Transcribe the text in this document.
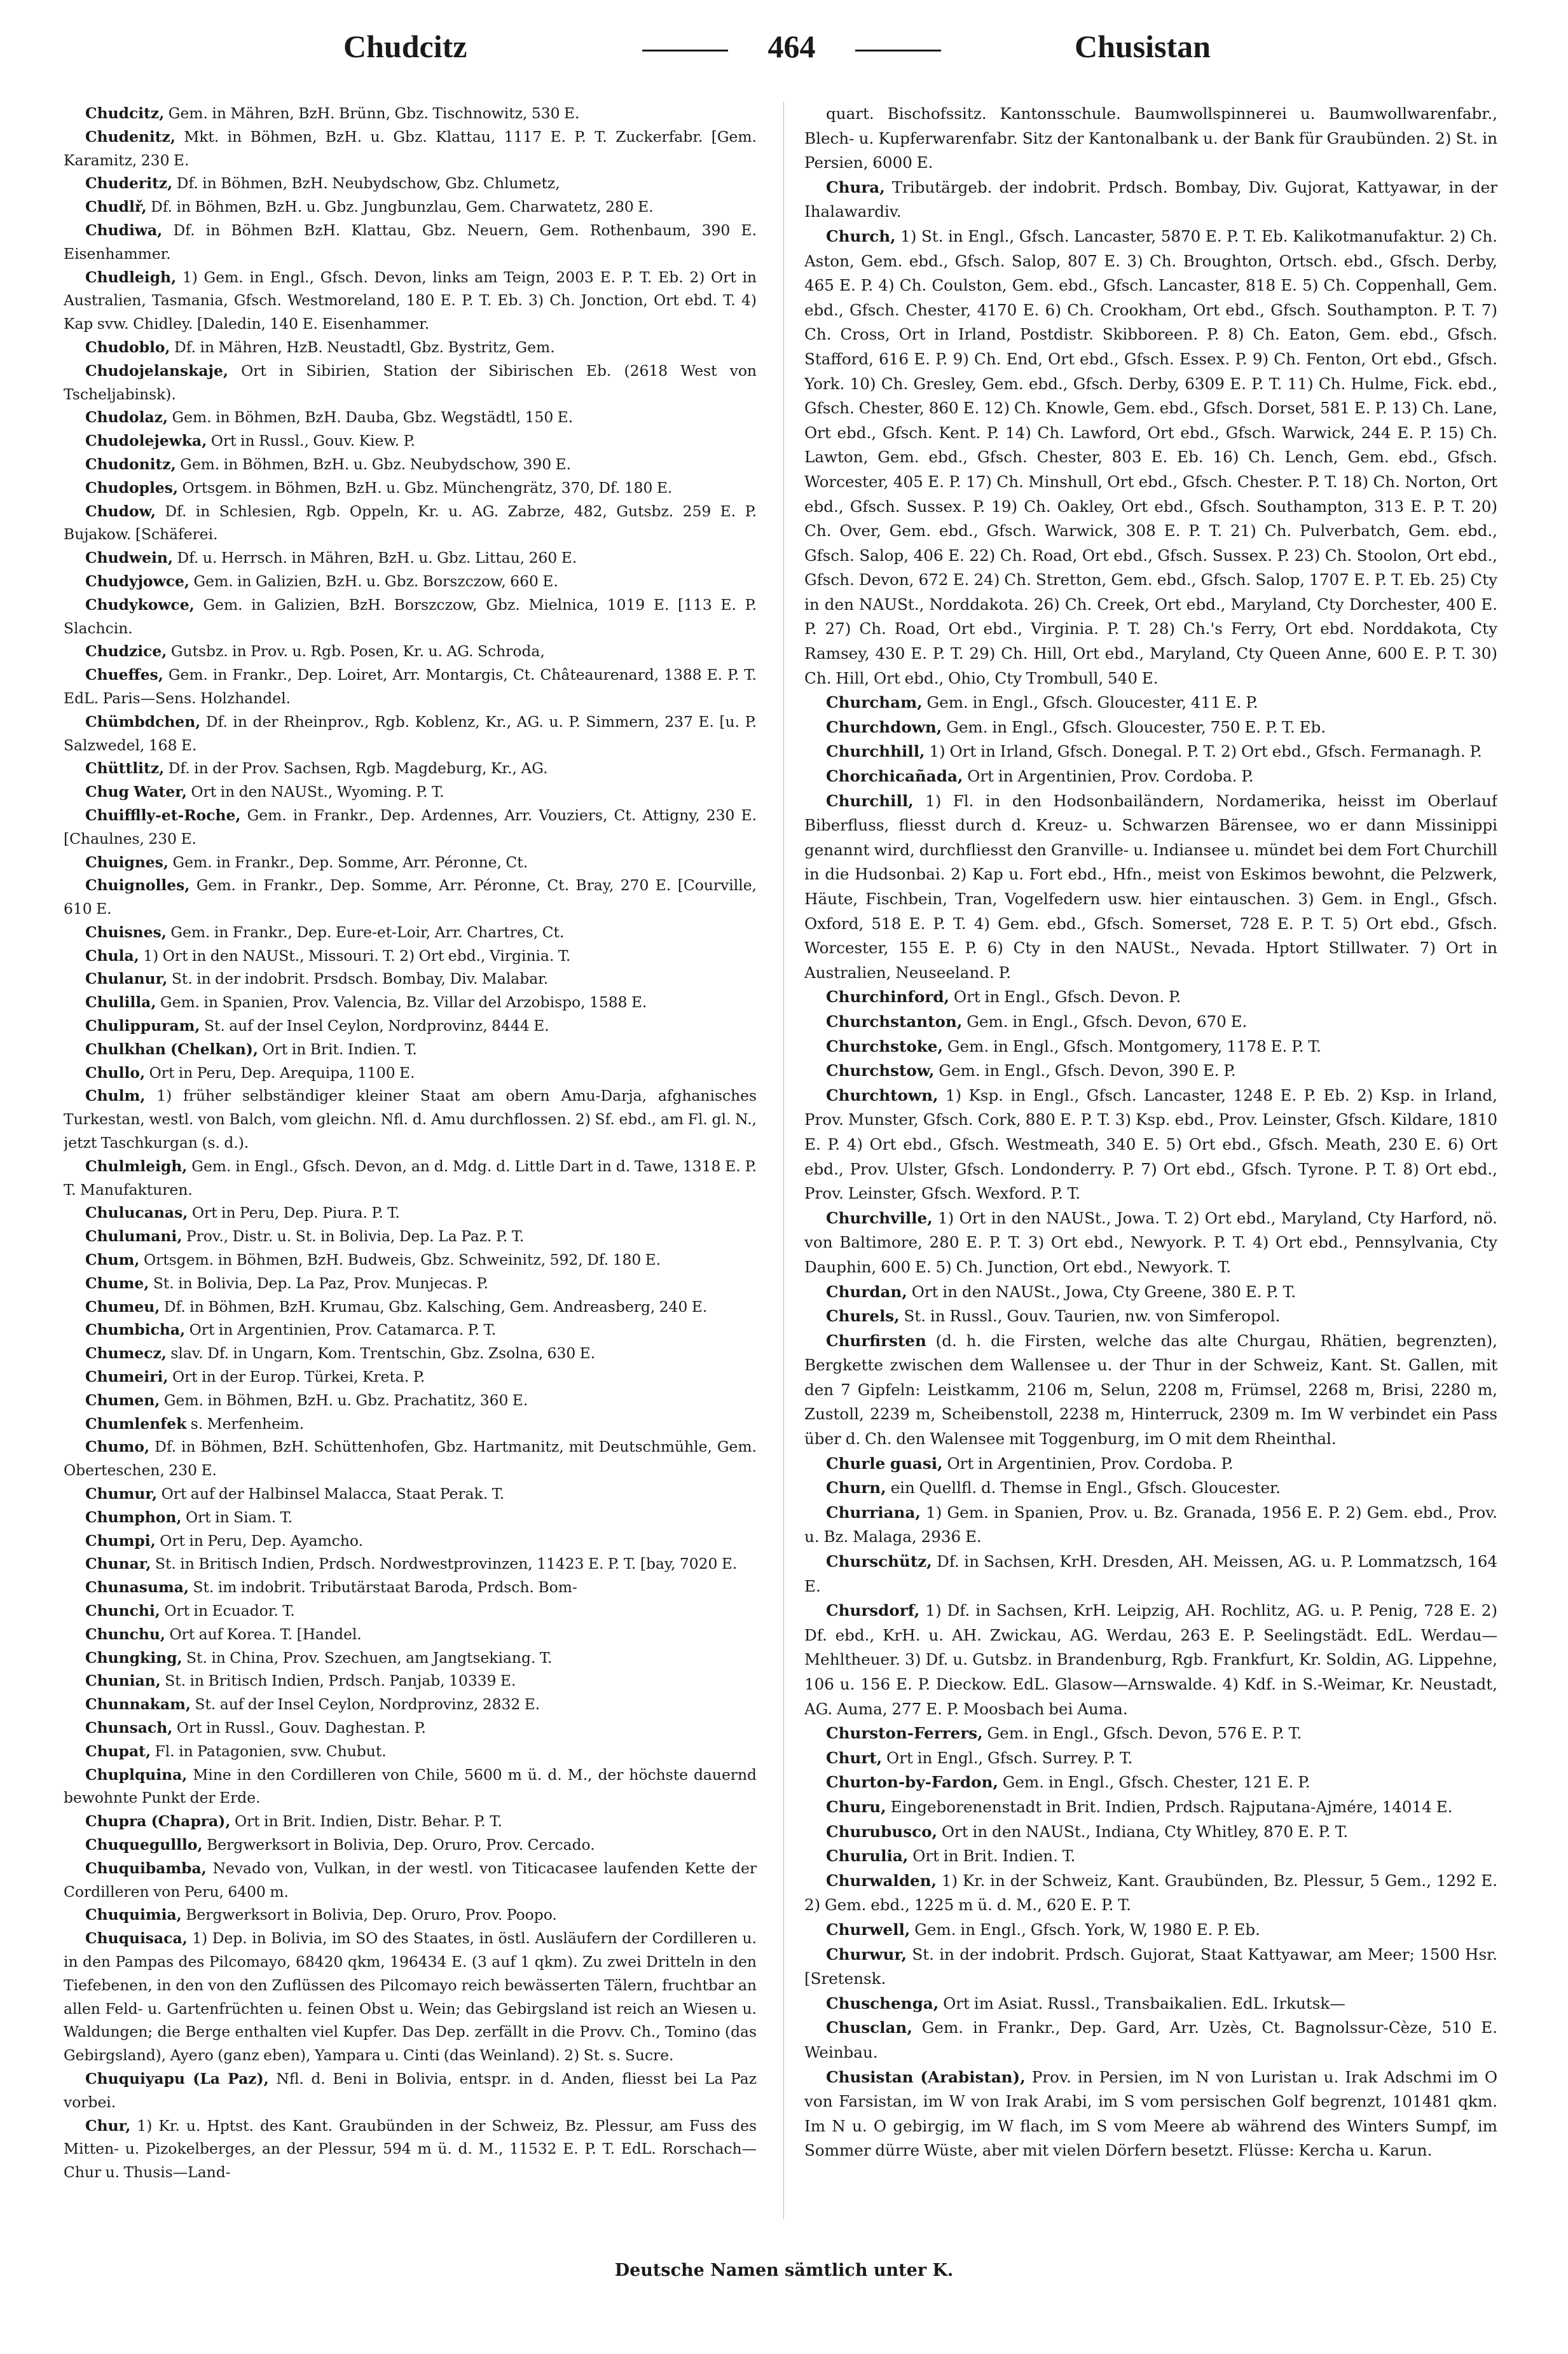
Chudcitz	464	Chusistan

Chudcitz, Gem. in Mähren, BzH. Brünn, Gbz. Tischnowitz, 530 E.

Chudenitz, Mkt. in Böhmen, BzH. u. Gbz. Klattau, 1117 E. P. T. Zuckerfabr. [Gem. Karamitz, 230 E.

Chuderitz, Df. in Böhmen, BzH. Neubydschow, Gbz. Chlumetz,

Chudlř, Df. in Böhmen, BzH. u. Gbz. Jungbunzlau, Gem. Charwatetz, 280 E.

Chudiwa, Df. in Böhmen BzH. Klattau, Gbz. Neuern, Gem. Rothenbaum, 390 E. Eisenhammer.

Chudleigh, 1) Gem. in Engl., Gfsch. Devon, links am Teign, 2003 E. P. T. Eb. 2) Ort in Australien, Tasmania, Gfsch. Westmoreland, 180 E. P. T. Eb. 3) Ch. Jonction, Ort ebd. T. 4) Kap svw. Chidley. [Daledin, 140 E. Eisenhammer.

Chudoblo, Df. in Mähren, HzB. Neustadtl, Gbz. Bystritz, Gem.

Chudojelanskaje, Ort in Sibirien, Station der Sibirischen Eb. (2618 West von Tscheljabinsk).

Chudolaz, Gem. in Böhmen, BzH. Dauba, Gbz. Wegstädtl, 150 E.

Chudolejewka, Ort in Russl., Gouv. Kiew. P.

Chudonitz, Gem. in Böhmen, BzH. u. Gbz. Neubydschow, 390 E.

Chudoples, Ortsgem. in Böhmen, BzH. u. Gbz. Münchengrätz, 370, Df. 180 E.

Chudow, Df. in Schlesien, Rgb. Oppeln, Kr. u. AG. Zabrze, 482, Gutsbz. 259 E. P. Bujakow. [Schäferei.

Chudwein, Df. u. Herrsch. in Mähren, BzH. u. Gbz. Littau, 260 E.

Chudyjowce, Gem. in Galizien, BzH. u. Gbz. Borszczow, 660 E.

Chudykowce, Gem. in Galizien, BzH. Borszczow, Gbz. Mielnica, 1019 E. [113 E. P. Slachcin.

Chudzice, Gutsbz. in Prov. u. Rgb. Posen, Kr. u. AG. Schroda,

Chueffes, Gem. in Frankr., Dep. Loiret, Arr. Montargis, Ct. Châteaurenard, 1388 E. P. T. EdL. Paris—Sens. Holzhandel.

Chümbdchen, Df. in der Rheinprov., Rgb. Koblenz, Kr., AG. u. P. Simmern, 237 E. [u. P. Salzwedel, 168 E.

Chüttlitz, Df. in der Prov. Sachsen, Rgb. Magdeburg, Kr., AG.

Chug Water, Ort in den NAUSt., Wyoming. P. T.

Chuifflly-et-Roche, Gem. in Frankr., Dep. Ardennes, Arr. Vouziers, Ct. Attigny, 230 E. [Chaulnes, 230 E.

Chuignes, Gem. in Frankr., Dep. Somme, Arr. Péronne, Ct.

Chuignolles, Gem. in Frankr., Dep. Somme, Arr. Péronne, Ct. Bray, 270 E. [Courville, 610 E.

Chuisnes, Gem. in Frankr., Dep. Eure-et-Loir, Arr. Chartres, Ct.

Chula, 1) Ort in den NAUSt., Missouri. T. 2) Ort ebd., Virginia. T.

Chulanur, St. in der indobrit. Prsdsch. Bombay, Div. Malabar.

Chulilla, Gem. in Spanien, Prov. Valencia, Bz. Villar del Arzobispo, 1588 E.

Chulippuram, St. auf der Insel Ceylon, Nordprovinz, 8444 E.

Chulkhan (Chelkan), Ort in Brit. Indien. T.

Chullo, Ort in Peru, Dep. Arequipa, 1100 E.

Chulm, 1) früher selbständiger kleiner Staat am obern Amu-Darja, afghanisches Turkestan, westl. von Balch, vom gleichn. Nfl. d. Amu durchflossen. 2) Sf. ebd., am Fl. gl. N., jetzt Taschkurgan (s. d.).

Chulmleigh, Gem. in Engl., Gfsch. Devon, an d. Mdg. d. Little Dart in d. Tawe, 1318 E. P. T. Manufakturen.

Chulucanas, Ort in Peru, Dep. Piura. P. T.

Chulumani, Prov., Distr. u. St. in Bolivia, Dep. La Paz. P. T.

Chum, Ortsgem. in Böhmen, BzH. Budweis, Gbz. Schweinitz, 592, Df. 180 E.

Chume, St. in Bolivia, Dep. La Paz, Prov. Munjecas. P.

Chumeu, Df. in Böhmen, BzH. Krumau, Gbz. Kalsching, Gem. Andreasberg, 240 E.

Chumbicha, Ort in Argentinien, Prov. Catamarca. P. T.

Chumecz, slav. Df. in Ungarn, Kom. Trentschin, Gbz. Zsolna, 630 E.

Chumeiri, Ort in der Europ. Türkei, Kreta. P.

Chumen, Gem. in Böhmen, BzH. u. Gbz. Prachatitz, 360 E.

Chumlenfek s. Merfenheim.

Chumo, Df. in Böhmen, BzH. Schüttenhofen, Gbz. Hartmanitz, mit Deutschmühle, Gem. Oberteschen, 230 E.

Chumur, Ort auf der Halbinsel Malacca, Staat Perak. T.

Chumphon, Ort in Siam. T.

Chumpi, Ort in Peru, Dep. Ayamcho.

Chunar, St. in Britisch Indien, Prdsch. Nordwestprovinzen, 11423 E. P. T. [bay, 7020 E.

Chunasuma, St. im indobrit. Tributärstaat Baroda, Prdsch. Bom-

Chunchi, Ort in Ecuador. T.

Chunchu, Ort auf Korea. T. [Handel.

Chungking, St. in China, Prov. Szechuen, am Jangtsekiang. T.

Chunian, St. in Britisch Indien, Prdsch. Panjab, 10339 E.

Chunnakam, St. auf der Insel Ceylon, Nordprovinz, 2832 E.

Chunsach, Ort in Russl., Gouv. Daghestan. P.

Chupat, Fl. in Patagonien, svw. Chubut.

Chuplquina, Mine in den Cordilleren von Chile, 5600 m ü. d. M., der höchste dauernd bewohnte Punkt der Erde.

Chupra (Chapra), Ort in Brit. Indien, Distr. Behar. P. T.

Chuquegulllo, Bergwerksort in Bolivia, Dep. Oruro, Prov. Cercado.

Chuquibamba, Nevado von, Vulkan, in der westl. von Titicacasee laufenden Kette der Cordilleren von Peru, 6400 m.

Chuquimia, Bergwerksort in Bolivia, Dep. Oruro, Prov. Poopo.

Chuquisaca, 1) Dep. in Bolivia, im SO des Staates, in östl. Ausläufern der Cordilleren u. in den Pampas des Pilcomayo, 68420 qkm, 196434 E. (3 auf 1 qkm). Zu zwei Dritteln in den Tiefebenen, in den von den Zuflüssen des Pilcomayo reich bewässerten Tälern, fruchtbar an allen Feld- u. Gartenfrüchten u. feinen Obst u. Wein; das Gebirgsland ist reich an Wiesen u. Waldungen; die Berge enthalten viel Kupfer. Das Dep. zerfällt in die Provv. Ch., Tomino (das Gebirgsland), Ayero (ganz eben), Yampara u. Cinti (das Weinland). 2) St. s. Sucre.

Chuquiyapu (La Paz), Nfl. d. Beni in Bolivia, entspr. in d. Anden, fliesst bei La Paz vorbei.

Chur, 1) Kr. u. Hptst. des Kant. Graubünden in der Schweiz, Bz. Plessur, am Fuss des Mitten- u. Pizokelberges, an der Plessur, 594 m ü. d. M., 11532 E. P. T. EdL. Rorschach—Chur u. Thusis—Land-

quart. Bischofssitz. Kantonsschule. Baumwollspinnerei u. Baumwollwarenfabr., Blech- u. Kupferwarenfabr. Sitz der Kantonalbank u. der Bank für Graubünden. 2) St. in Persien, 6000 E.

Chura, Tributärgeb. der indobrit. Prdsch. Bombay, Div. Gujorat, Kattyawar, in der Ihalawardiv.

Church, 1) St. in Engl., Gfsch. Lancaster, 5870 E. P. T. Eb. Kalikotmanufaktur. 2) Ch. Aston, Gem. ebd., Gfsch. Salop, 807 E. 3) Ch. Broughton, Ortsch. ebd., Gfsch. Derby, 465 E. P. 4) Ch. Coulston, Gem. ebd., Gfsch. Lancaster, 818 E. 5) Ch. Coppenhall, Gem. ebd., Gfsch. Chester, 4170 E. 6) Ch. Crookham, Ort ebd., Gfsch. Southampton. P. T. 7) Ch. Cross, Ort in Irland, Postdistr. Skibboreen. P. 8) Ch. Eaton, Gem. ebd., Gfsch. Stafford, 616 E. P. 9) Ch. End, Ort ebd., Gfsch. Essex. P. 9) Ch. Fenton, Ort ebd., Gfsch. York. 10) Ch. Gresley, Gem. ebd., Gfsch. Derby, 6309 E. P. T. 11) Ch. Hulme, Fick. ebd., Gfsch. Chester, 860 E. 12) Ch. Knowle, Gem. ebd., Gfsch. Dorset, 581 E. P. 13) Ch. Lane, Ort ebd., Gfsch. Kent. P. 14) Ch. Lawford, Ort ebd., Gfsch. Warwick, 244 E. P. 15) Ch. Lawton, Gem. ebd., Gfsch. Chester, 803 E. Eb. 16) Ch. Lench, Gem. ebd., Gfsch. Worcester, 405 E. P. 17) Ch. Minshull, Ort ebd., Gfsch. Chester. P. T. 18) Ch. Norton, Ort ebd., Gfsch. Sussex. P. 19) Ch. Oakley, Ort ebd., Gfsch. Southampton, 313 E. P. T. 20) Ch. Over, Gem. ebd., Gfsch. Warwick, 308 E. P. T. 21) Ch. Pulverbatch, Gem. ebd., Gfsch. Salop, 406 E. 22) Ch. Road, Ort ebd., Gfsch. Sussex. P. 23) Ch. Stoolon, Ort ebd., Gfsch. Devon, 672 E. 24) Ch. Stretton, Gem. ebd., Gfsch. Salop, 1707 E. P. T. Eb. 25) Cty in den NAUSt., Norddakota. 26) Ch. Creek, Ort ebd., Maryland, Cty Dorchester, 400 E. P. 27) Ch. Road, Ort ebd., Virginia. P. T. 28) Ch.'s Ferry, Ort ebd. Norddakota, Cty Ramsey, 430 E. P. T. 29) Ch. Hill, Ort ebd., Maryland, Cty Queen Anne, 600 E. P. T. 30) Ch. Hill, Ort ebd., Ohio, Cty Trombull, 540 E.

Churcham, Gem. in Engl., Gfsch. Gloucester, 411 E. P.

Churchdown, Gem. in Engl., Gfsch. Gloucester, 750 E. P. T. Eb.

Churchhill, 1) Ort in Irland, Gfsch. Donegal. P. T. 2) Ort ebd., Gfsch. Fermanagh. P.

Chorchicañada, Ort in Argentinien, Prov. Cordoba. P.

Churchill, 1) Fl. in den Hodsonbailändern, Nordamerika, heisst im Oberlauf Biberfluss, fliesst durch d. Kreuz- u. Schwarzen Bärensee, wo er dann Missinippi genannt wird, durchfliesst den Granville- u. Indiansee u. mündet bei dem Fort Churchill in die Hudsonbai. 2) Kap u. Fort ebd., Hfn., meist von Eskimos bewohnt, die Pelzwerk, Häute, Fischbein, Tran, Vogelfedern usw. hier eintauschen. 3) Gem. in Engl., Gfsch. Oxford, 518 E. P. T. 4) Gem. ebd., Gfsch. Somerset, 728 E. P. T. 5) Ort ebd., Gfsch. Worcester, 155 E. P. 6) Cty in den NAUSt., Nevada. Hptort Stillwater. 7) Ort in Australien, Neuseeland. P.

Churchinford, Ort in Engl., Gfsch. Devon. P.

Churchstanton, Gem. in Engl., Gfsch. Devon, 670 E.

Churchstoke, Gem. in Engl., Gfsch. Montgomery, 1178 E. P. T.

Churchstow, Gem. in Engl., Gfsch. Devon, 390 E. P.

Churchtown, 1) Ksp. in Engl., Gfsch. Lancaster, 1248 E. P. Eb. 2) Ksp. in Irland, Prov. Munster, Gfsch. Cork, 880 E. P. T. 3) Ksp. ebd., Prov. Leinster, Gfsch. Kildare, 1810 E. P. 4) Ort ebd., Gfsch. Westmeath, 340 E. 5) Ort ebd., Gfsch. Meath, 230 E. 6) Ort ebd., Prov. Ulster, Gfsch. Londonderry. P. 7) Ort ebd., Gfsch. Tyrone. P. T. 8) Ort ebd., Prov. Leinster, Gfsch. Wexford. P. T.

Churchville, 1) Ort in den NAUSt., Jowa. T. 2) Ort ebd., Maryland, Cty Harford, nö. von Baltimore, 280 E. P. T. 3) Ort ebd., Newyork. P. T. 4) Ort ebd., Pennsylvania, Cty Dauphin, 600 E. 5) Ch. Junction, Ort ebd., Newyork. T.

Churdan, Ort in den NAUSt., Jowa, Cty Greene, 380 E. P. T.

Churels, St. in Russl., Gouv. Taurien, nw. von Simferopol.

Churfirsten (d. h. die Firsten, welche das alte Churgau, Rhätien, begrenzten), Bergkette zwischen dem Wallensee u. der Thur in der Schweiz, Kant. St. Gallen, mit den 7 Gipfeln: Leistkamm, 2106 m, Selun, 2208 m, Frümsel, 2268 m, Brisi, 2280 m, Zustoll, 2239 m, Scheibenstoll, 2238 m, Hinterruck, 2309 m. Im W verbindet ein Pass über d. Ch. den Walensee mit Toggenburg, im O mit dem Rheinthal.

Churle guasi, Ort in Argentinien, Prov. Cordoba. P.

Churn, ein Quellfl. d. Themse in Engl., Gfsch. Gloucester.

Churriana, 1) Gem. in Spanien, Prov. u. Bz. Granada, 1956 E. P. 2) Gem. ebd., Prov. u. Bz. Malaga, 2936 E.

Churschütz, Df. in Sachsen, KrH. Dresden, AH. Meissen, AG. u. P. Lommatzsch, 164 E.

Chursdorf, 1) Df. in Sachsen, KrH. Leipzig, AH. Rochlitz, AG. u. P. Penig, 728 E. 2) Df. ebd., KrH. u. AH. Zwickau, AG. Werdau, 263 E. P. Seelingstädt. EdL. Werdau—Mehltheuer. 3) Df. u. Gutsbz. in Brandenburg, Rgb. Frankfurt, Kr. Soldin, AG. Lippehne, 106 u. 156 E. P. Dieckow. EdL. Glasow—Arnswalde. 4) Kdf. in S.-Weimar, Kr. Neustadt, AG. Auma, 277 E. P. Moosbach bei Auma.

Churston-Ferrers, Gem. in Engl., Gfsch. Devon, 576 E. P. T.

Churt, Ort in Engl., Gfsch. Surrey. P. T.

Churton-by-Fardon, Gem. in Engl., Gfsch. Chester, 121 E. P.

Churu, Eingeborenenstadt in Brit. Indien, Prdsch. Rajputana-Ajmére, 14014 E.

Churubusco, Ort in den NAUSt., Indiana, Cty Whitley, 870 E. P. T.

Churulia, Ort in Brit. Indien. T.

Churwalden, 1) Kr. in der Schweiz, Kant. Graubünden, Bz. Plessur, 5 Gem., 1292 E. 2) Gem. ebd., 1225 m ü. d. M., 620 E. P. T.

Churwell, Gem. in Engl., Gfsch. York, W, 1980 E. P. Eb.

Churwur, St. in der indobrit. Prdsch. Gujorat, Staat Kattyawar, am Meer; 1500 Hsr. [Sretensk.

Chuschenga, Ort im Asiat. Russl., Transbaikalien. EdL. Irkutsk—

Chusclan, Gem. in Frankr., Dep. Gard, Arr. Uzès, Ct. Bagnolssur-Cèze, 510 E. Weinbau.

Chusistan (Arabistan), Prov. in Persien, im N von Luristan u. Irak Adschmi im O von Farsistan, im W von Irak Arabi, im S vom persischen Golf begrenzt, 101481 qkm. Im N u. O gebirgig, im W flach, im S vom Meere ab während des Winters Sumpf, im Sommer dürre Wüste, aber mit vielen Dörfern besetzt. Flüsse: Kercha u. Karun.

Deutsche Namen sämtlich unter K.
